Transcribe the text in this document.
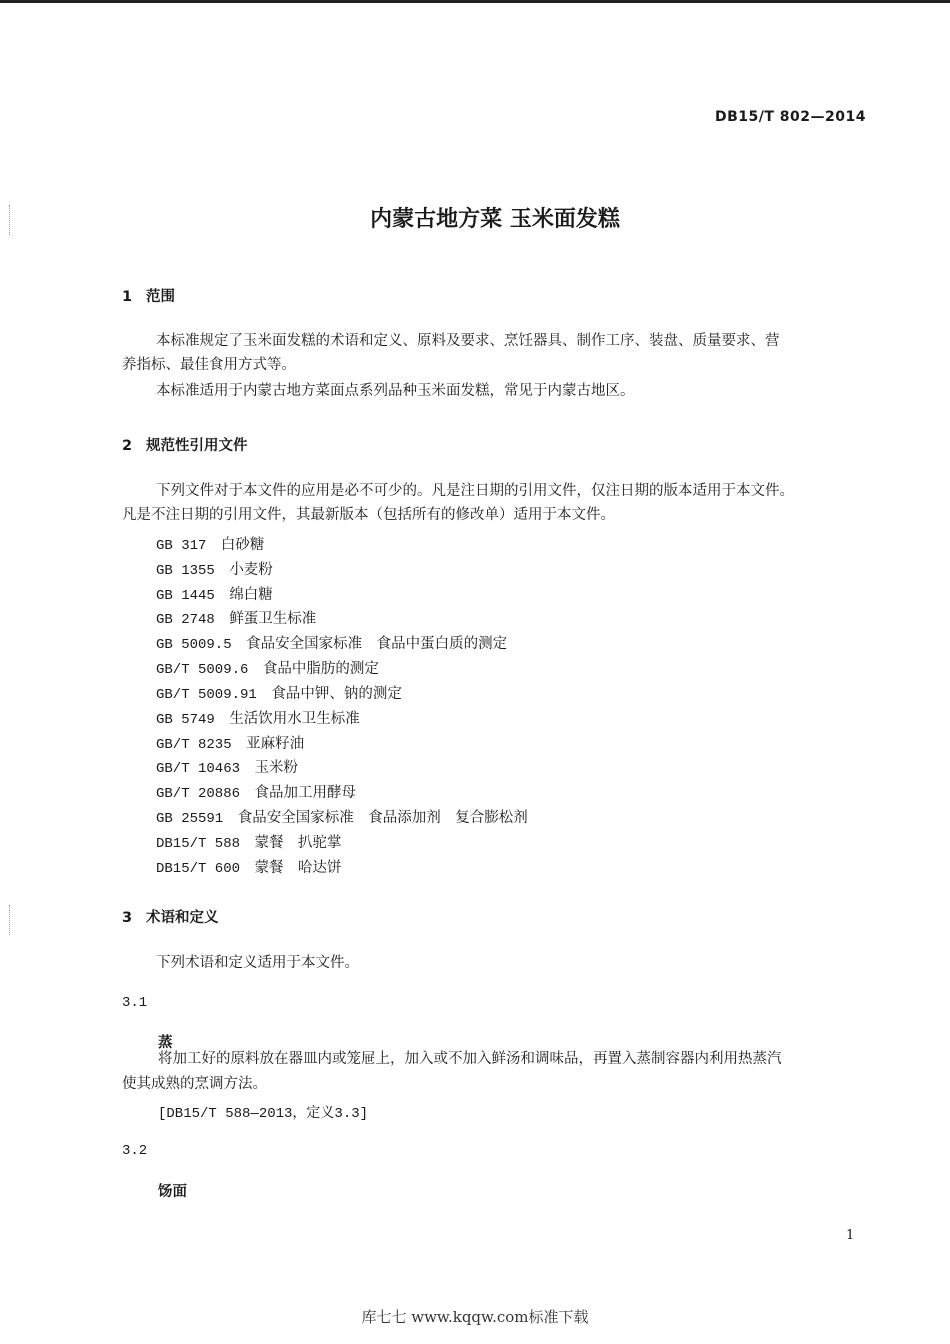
DB15/T 802—2014
内蒙古地方菜 玉米面发糕
1 范围
本标准规定了玉米面发糕的术语和定义、原料及要求、烹饪器具、制作工序、装盘、质量要求、营
养指标、最佳食用方式等。
本标准适用于内蒙古地方菜面点系列品种玉米面发糕，常见于内蒙古地区。
2 规范性引用文件
下列文件对于本文件的应用是必不可少的。凡是注日期的引用文件，仅注日期的版本适用于本文件。
凡是不注日期的引用文件，其最新版本（包括所有的修改单）适用于本文件。
GB 317　 白砂糖
GB 1355　 小麦粉
GB 1445　 绵白糖
GB 2748　 鲜蛋卫生标准
GB 5009.5　 食品安全国家标准　食品中蛋白质的测定
GB/T 5009.6　 食品中脂肪的测定
GB/T 5009.91　 食品中钾、钠的测定
GB 5749　 生活饮用水卫生标准
GB/T 8235　 亚麻籽油
GB/T 10463　 玉米粉
GB/T 20886　 食品加工用酵母
GB 25591　 食品安全国家标准　食品添加剂　复合膨松剂
DB15/T 588　 蒙餐　扒驼掌
DB15/T 600　 蒙餐　哈达饼
3 术语和定义
下列术语和定义适用于本文件。
3.1
蒸
将加工好的原料放在器皿内或笼屉上，加入或不加入鲜汤和调味品，再置入蒸制容器内利用热蒸汽
使其成熟的烹调方法。
[DB15/T 588—2013，定义3.3]
3.2
饧面
1
库七七 www.kqqw.com标准下载
